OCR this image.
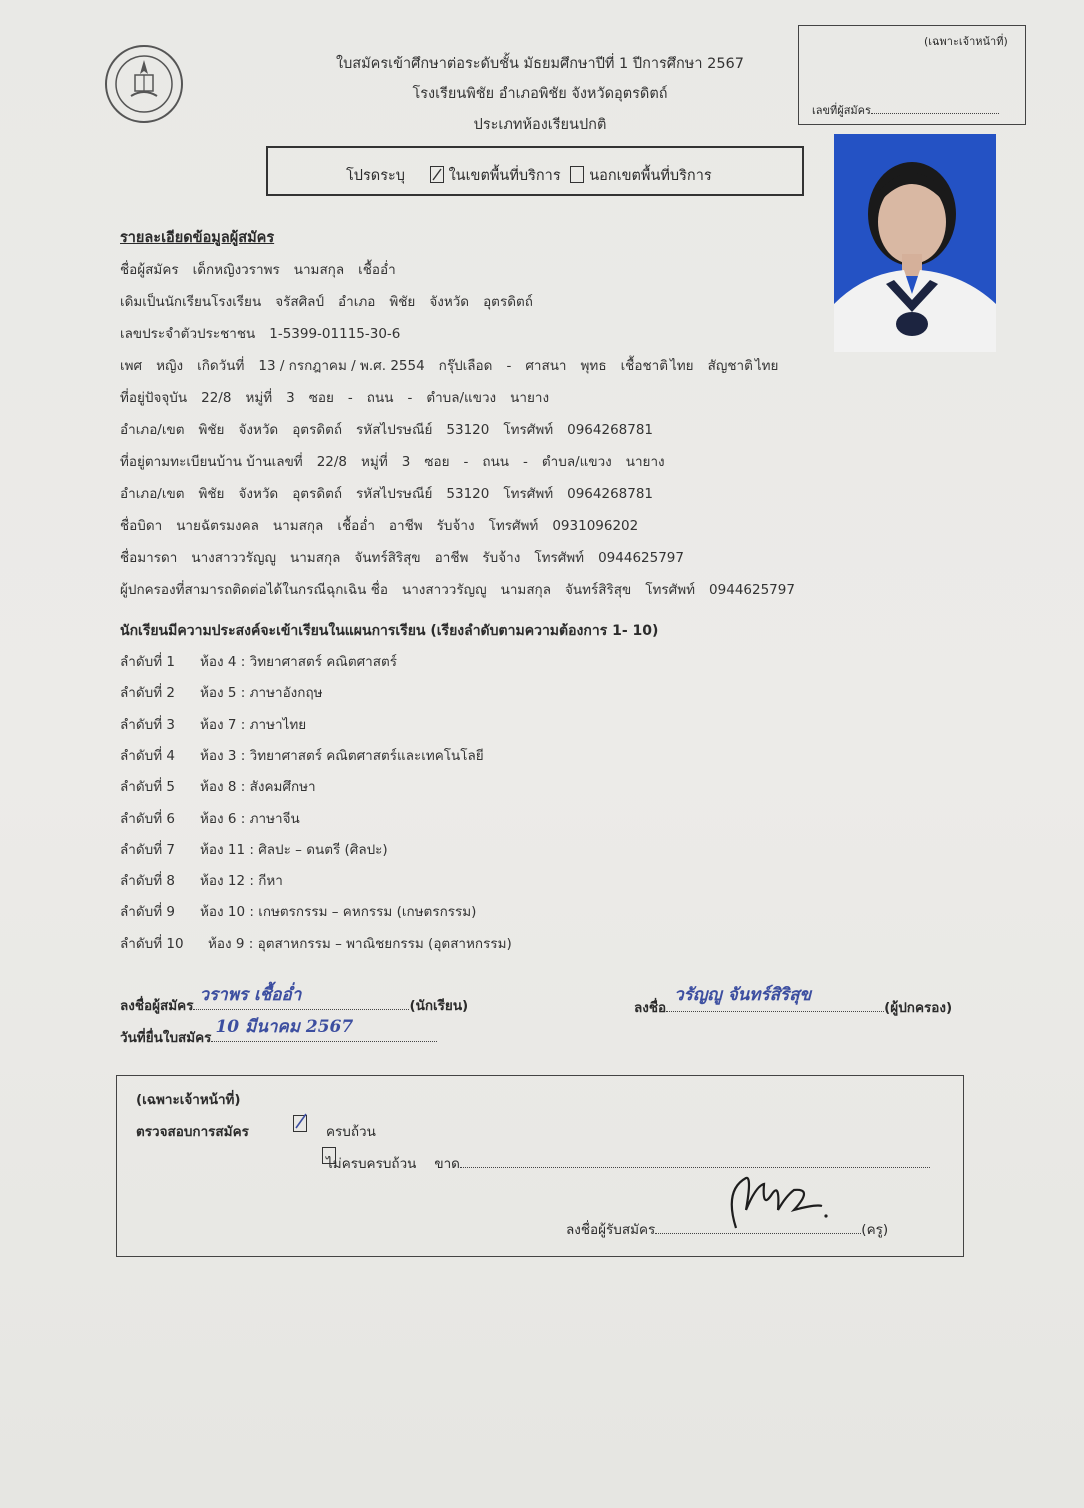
ใบสมัครเข้าศึกษาต่อระดับชั้น มัธยมศึกษาปีที่ 1 ปีการศึกษา 2567
โรงเรียนพิชัย อำเภอพิชัย จังหวัดอุตรดิตถ์
ประเภทห้องเรียนปกติ
(เฉพาะเจ้าหน้าที่)
เลขที่ผู้สมัคร
โปรดระบุ	ในเขตพื้นที่บริการ นอกเขตพื้นที่บริการ
รายละเอียดข้อมูลผู้สมัคร
ชื่อผู้สมัคร เด็กหญิงวราพร นามสกุล เชื้ออ่ำ
เดิมเป็นนักเรียนโรงเรียน จรัสศิลป์ อำเภอ พิชัย จังหวัด อุตรดิตถ์
เลขประจำตัวประชาชน 1-5399-01115-30-6
เพศ หญิง เกิดวันที่ 13 / กรกฎาคม / พ.ศ. 2554 กรุ๊ปเลือด - ศาสนา พุทธ เชื้อชาติ ไทย สัญชาติ ไทย
ที่อยู่ปัจจุบัน 22/8 หมู่ที่ 3 ซอย - ถนน - ตำบล/แขวง นายาง
อำเภอ/เขต พิชัย จังหวัด อุตรดิตถ์ รหัสไปรษณีย์ 53120 โทรศัพท์ 0964268781
ที่อยู่ตามทะเบียนบ้าน บ้านเลขที่ 22/8 หมู่ที่ 3 ซอย - ถนน - ตำบล/แขวง นายาง
อำเภอ/เขต พิชัย จังหวัด อุตรดิตถ์ รหัสไปรษณีย์ 53120 โทรศัพท์ 0964268781
ชื่อบิดา นายฉัตรมงคล นามสกุล เชื้ออ่ำ อาชีพ รับจ้าง โทรศัพท์ 0931096202
ชื่อมารดา นางสาววรัญญู นามสกุล จันทร์สิริสุข อาชีพ รับจ้าง โทรศัพท์ 0944625797
ผู้ปกครองที่สามารถติดต่อได้ในกรณีฉุกเฉิน ชื่อ นางสาววรัญญู นามสกุล จันทร์สิริสุข โทรศัพท์ 0944625797
นักเรียนมีความประสงค์จะเข้าเรียนในแผนการเรียน (เรียงลำดับตามความต้องการ 1- 10)
ลำดับที่ 1 ห้อง 4 : วิทยาศาสตร์ คณิตศาสตร์
ลำดับที่ 2 ห้อง 5 : ภาษาอังกฤษ
ลำดับที่ 3 ห้อง 7 : ภาษาไทย
ลำดับที่ 4 ห้อง 3 : วิทยาศาสตร์ คณิตศาสตร์และเทคโนโลยี
ลำดับที่ 5 ห้อง 8 : สังคมศึกษา
ลำดับที่ 6 ห้อง 6 : ภาษาจีน
ลำดับที่ 7 ห้อง 11 : ศิลปะ – ดนตรี (ศิลปะ)
ลำดับที่ 8 ห้อง 12 : กีหา
ลำดับที่ 9 ห้อง 10 : เกษตรกรรม – คหกรรม (เกษตรกรรม)
ลำดับที่ 10 ห้อง 9 : อุตสาหกรรม – พาณิชยกรรม (อุตสาหกรรม)
ลงชื่อผู้สมัคร
วราพร เชื้ออ่ำ
(นักเรียน)
วันที่ยื่นใบสมัคร
10 มีนาคม 2567
ลงชื่อ
วรัญญู จันทร์สิริสุข
(ผู้ปกครอง)
(เฉพาะเจ้าหน้าที่)
ตรวจสอบการสมัคร
	ครบถ้วน
ไม่ครบครบถ้วน ขาด
ลงชื่อผู้รับสมัคร	(ครู)
